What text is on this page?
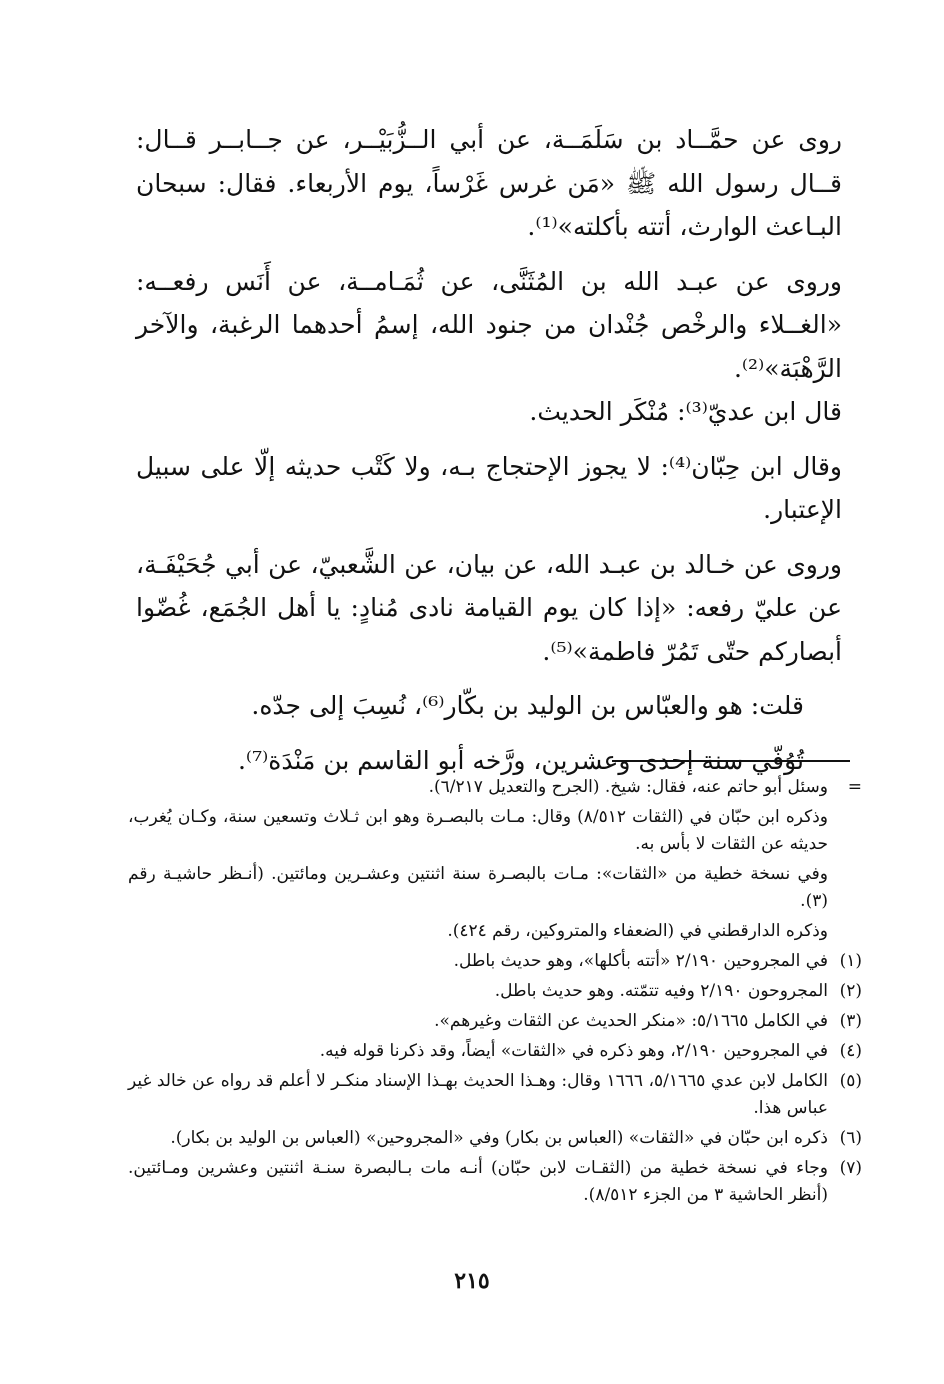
روى عن حمَّــاد بن سَلَمَــة، عن أبي الــزُّبَيْــر، عن جــابــر قــال: قــال رسول الله ﷺ «مَن غرس غَرْساً، يوم الأربعاء. فقال: سبحان البـاعث الوارث، أتته بأكلته»⁽¹⁾.

وروى عن عبـد الله بن المُثَنَّى، عن ثُمَـامــة، عن أَنَس رفعــه: «الغــلاء والرخْص جُنْدان من جنود الله، إسمُ أحدهما الرغبة، والآخر الرَّهْبَة»⁽²⁾.

قال ابن عديّ⁽³⁾: مُنْكَر الحديث.

وقال ابن حِبّان⁽⁴⁾: لا يجوز الإحتجاج بـه، ولا كَتْب حديثه إلّا على سبيل الإعتبار.

وروى عن خـالد بن عبـد الله، عن بيان، عن الشَّعبيّ، عن أبي جُحَيْفَـة، عن عليّ رفعه: «إذا كان يوم القيامة نادى مُنادٍ: يا أهل الجُمَع، غُضّوا أبصاركم حتّى تَمُرّ فاطمة»⁽⁵⁾.

قلت: هو والعبّاس بن الوليد بن بكّار⁽⁶⁾، نُسِبَ إلى جدّه.

تُوُفّي سنة إحدى وعشرين، ورَّخه أبو القاسم بن مَنْدَة⁽⁷⁾.

=
وسئل أبو حاتم عنه، فقال: شيخ. (الجرح والتعديل ٦/٢١٧).
وذكره ابن حبّان في (الثقات ٨/٥١٢) وقال: مـات بالبصـرة وهو ابن ثـلاث وتسعين سنة، وكـان يُغرب، حديثه عن الثقات لا بأس به.
وفي نسخة خطية من «الثقات»: مـات بالبصـرة سنة اثنتين وعشـرين ومائتين. (أنـظر حاشيـة رقم (٣).
وذكره الدارقطني في (الضعفاء والمتروكين، رقم ٤٢٤).
(١)
في المجروحين ٢/١٩٠ «أتته بأكلها»، وهو حديث باطل.
(٢)
المجروحون ٢/١٩٠ وفيه تتمّته. وهو حديث باطل.
(٣)
في الكامل ٥/١٦٦٥: «منكر الحديث عن الثقات وغيرهم».
(٤)
في المجروحين ٢/١٩٠، وهو ذكره في «الثقات» أيضاً، وقد ذكرنا قوله فيه.
(٥)
الكامل لابن عدي ٥/١٦٦٥، ١٦٦٦ وقال: وهـذا الحديث بهـذا الإسناد منكـر لا أعلم قد رواه عن خالد غير عباس هذا.
(٦)
ذكره ابن حبّان في «الثقات» (العباس بن بكار) وفي «المجروحين» (العباس بن الوليد بن بكار).
(٧)
وجاء في نسخة خطية من (الثقـات لابن حبّان) أنـه مات بـالبصرة سنـة اثنتين وعشرين ومـائتين. (أنظر الحاشية ٣ من الجزء ٨/٥١٢).
٢١٥
